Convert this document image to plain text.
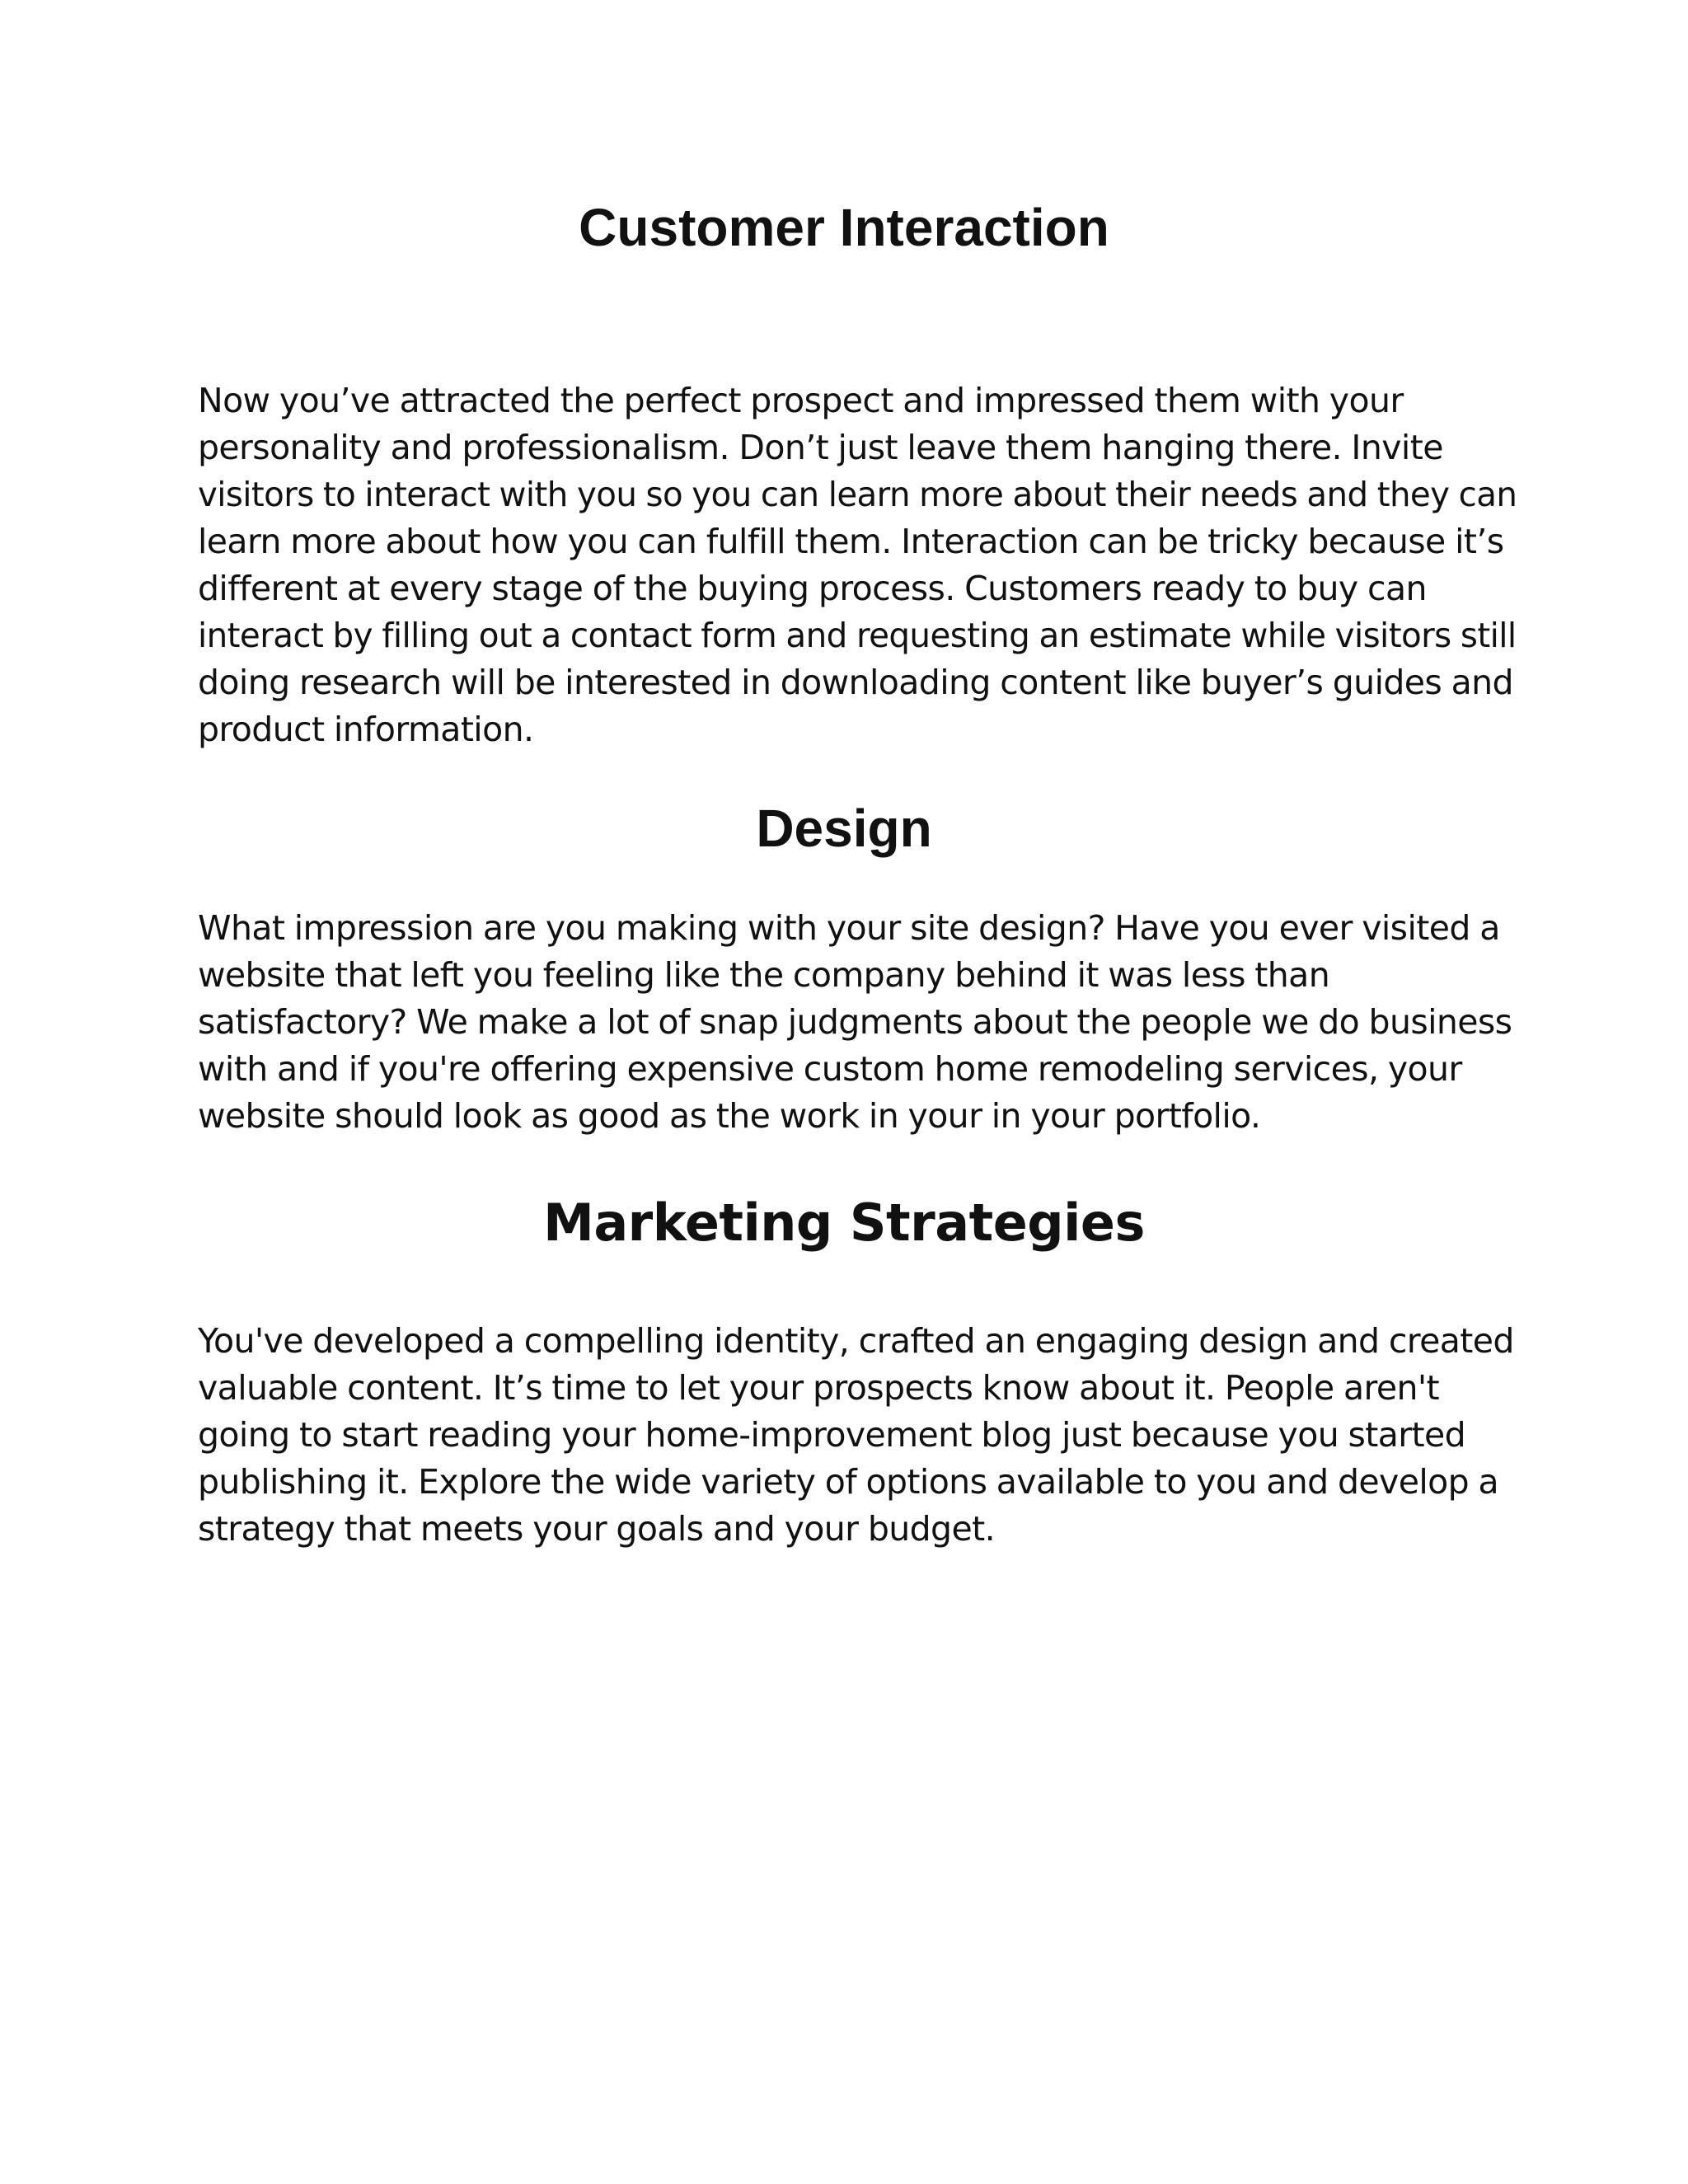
Customer Interaction

Now you’ve attracted the perfect prospect and impressed them with your
personality and professionalism. Don’t just leave them hanging there. Invite
visitors to interact with you so you can learn more about their needs and they can
learn more about how you can fulfill them. Interaction can be tricky because it’s
different at every stage of the buying process. Customers ready to buy can
interact by filling out a contact form and requesting an estimate while visitors still
doing research will be interested in downloading content like buyer’s guides and
product information.

Design

What impression are you making with your site design? Have you ever visited a
website that left you feeling like the company behind it was less than
satisfactory? We make a lot of snap judgments about the people we do business
with and if you're offering expensive custom home remodeling services, your
website should look as good as the work in your in your portfolio.

Marketing Strategies

You've developed a compelling identity, crafted an engaging design and created
valuable content. It’s time to let your prospects know about it. People aren't
going to start reading your home-improvement blog just because you started
publishing it. Explore the wide variety of options available to you and develop a
strategy that meets your goals and your budget.
